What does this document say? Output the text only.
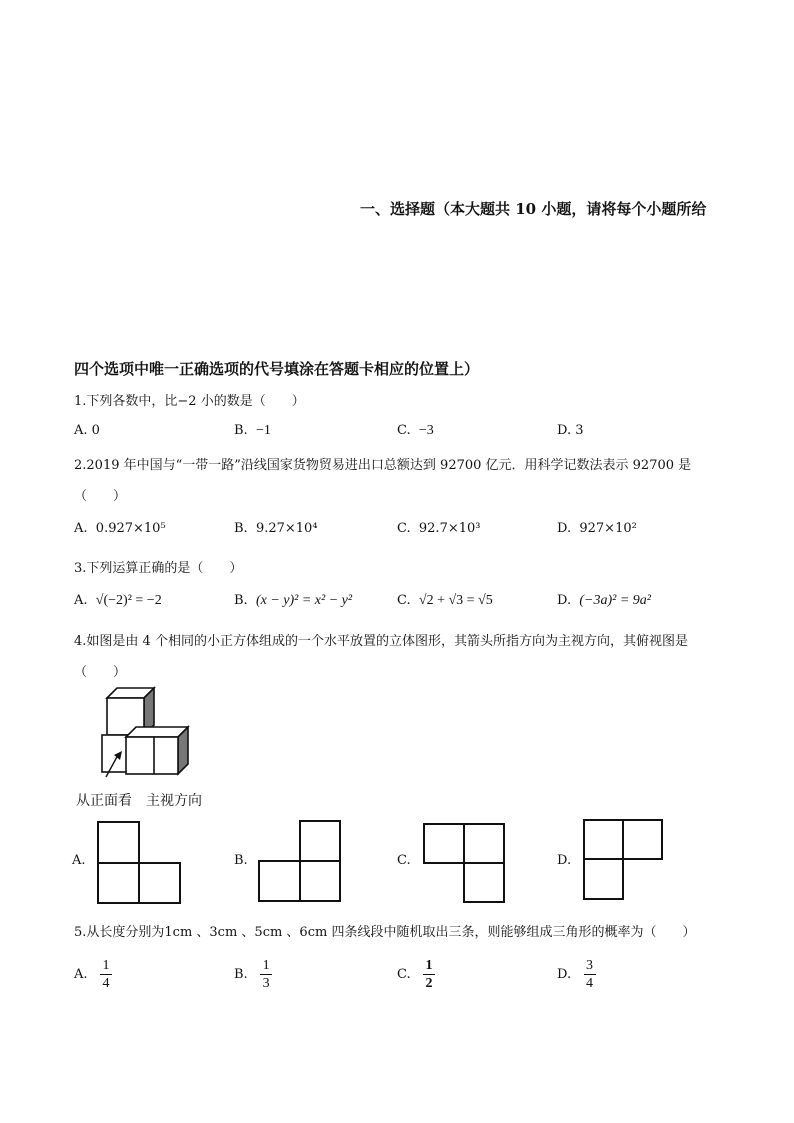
一、选择题（本大题共 10 小题，请将每个小题所给
四个选项中唯一正确选项的代号填涂在答题卡相应的位置上）
1.下列各数中，比−2 小的数是（　　）
A. 0	B. −1	C. −3	D. 3
2.2019 年中国与“一带一路”沿线国家货物贸易进出口总额达到 92700 亿元．用科学记数法表示 92700 是
（　　）
A. 0.927×10⁵	B. 9.27×10⁴	C. 92.7×10³	D. 927×10²
3.下列运算正确的是（　　）
A. √(−2)² = −2	B. (x − y)² = x² − y²	C. √2 + √3 = √5	D. (−3a)² = 9a²
4.如图是由 4 个相同的小正方体组成的一个水平放置的立体图形，其箭头所指方向为主视方向，其俯视图是
（　　）
从正面看　主视方向
A.	B.	C.	D.
5.从长度分别为1cm 、3cm 、5cm 、6cm 四条线段中随机取出三条，则能够组成三角形的概率为（　　）
A. $\frac{1}{4}$	B. $\frac{1}{3}$	C. $\frac{1}{2}$	D. $\frac{3}{4}$
